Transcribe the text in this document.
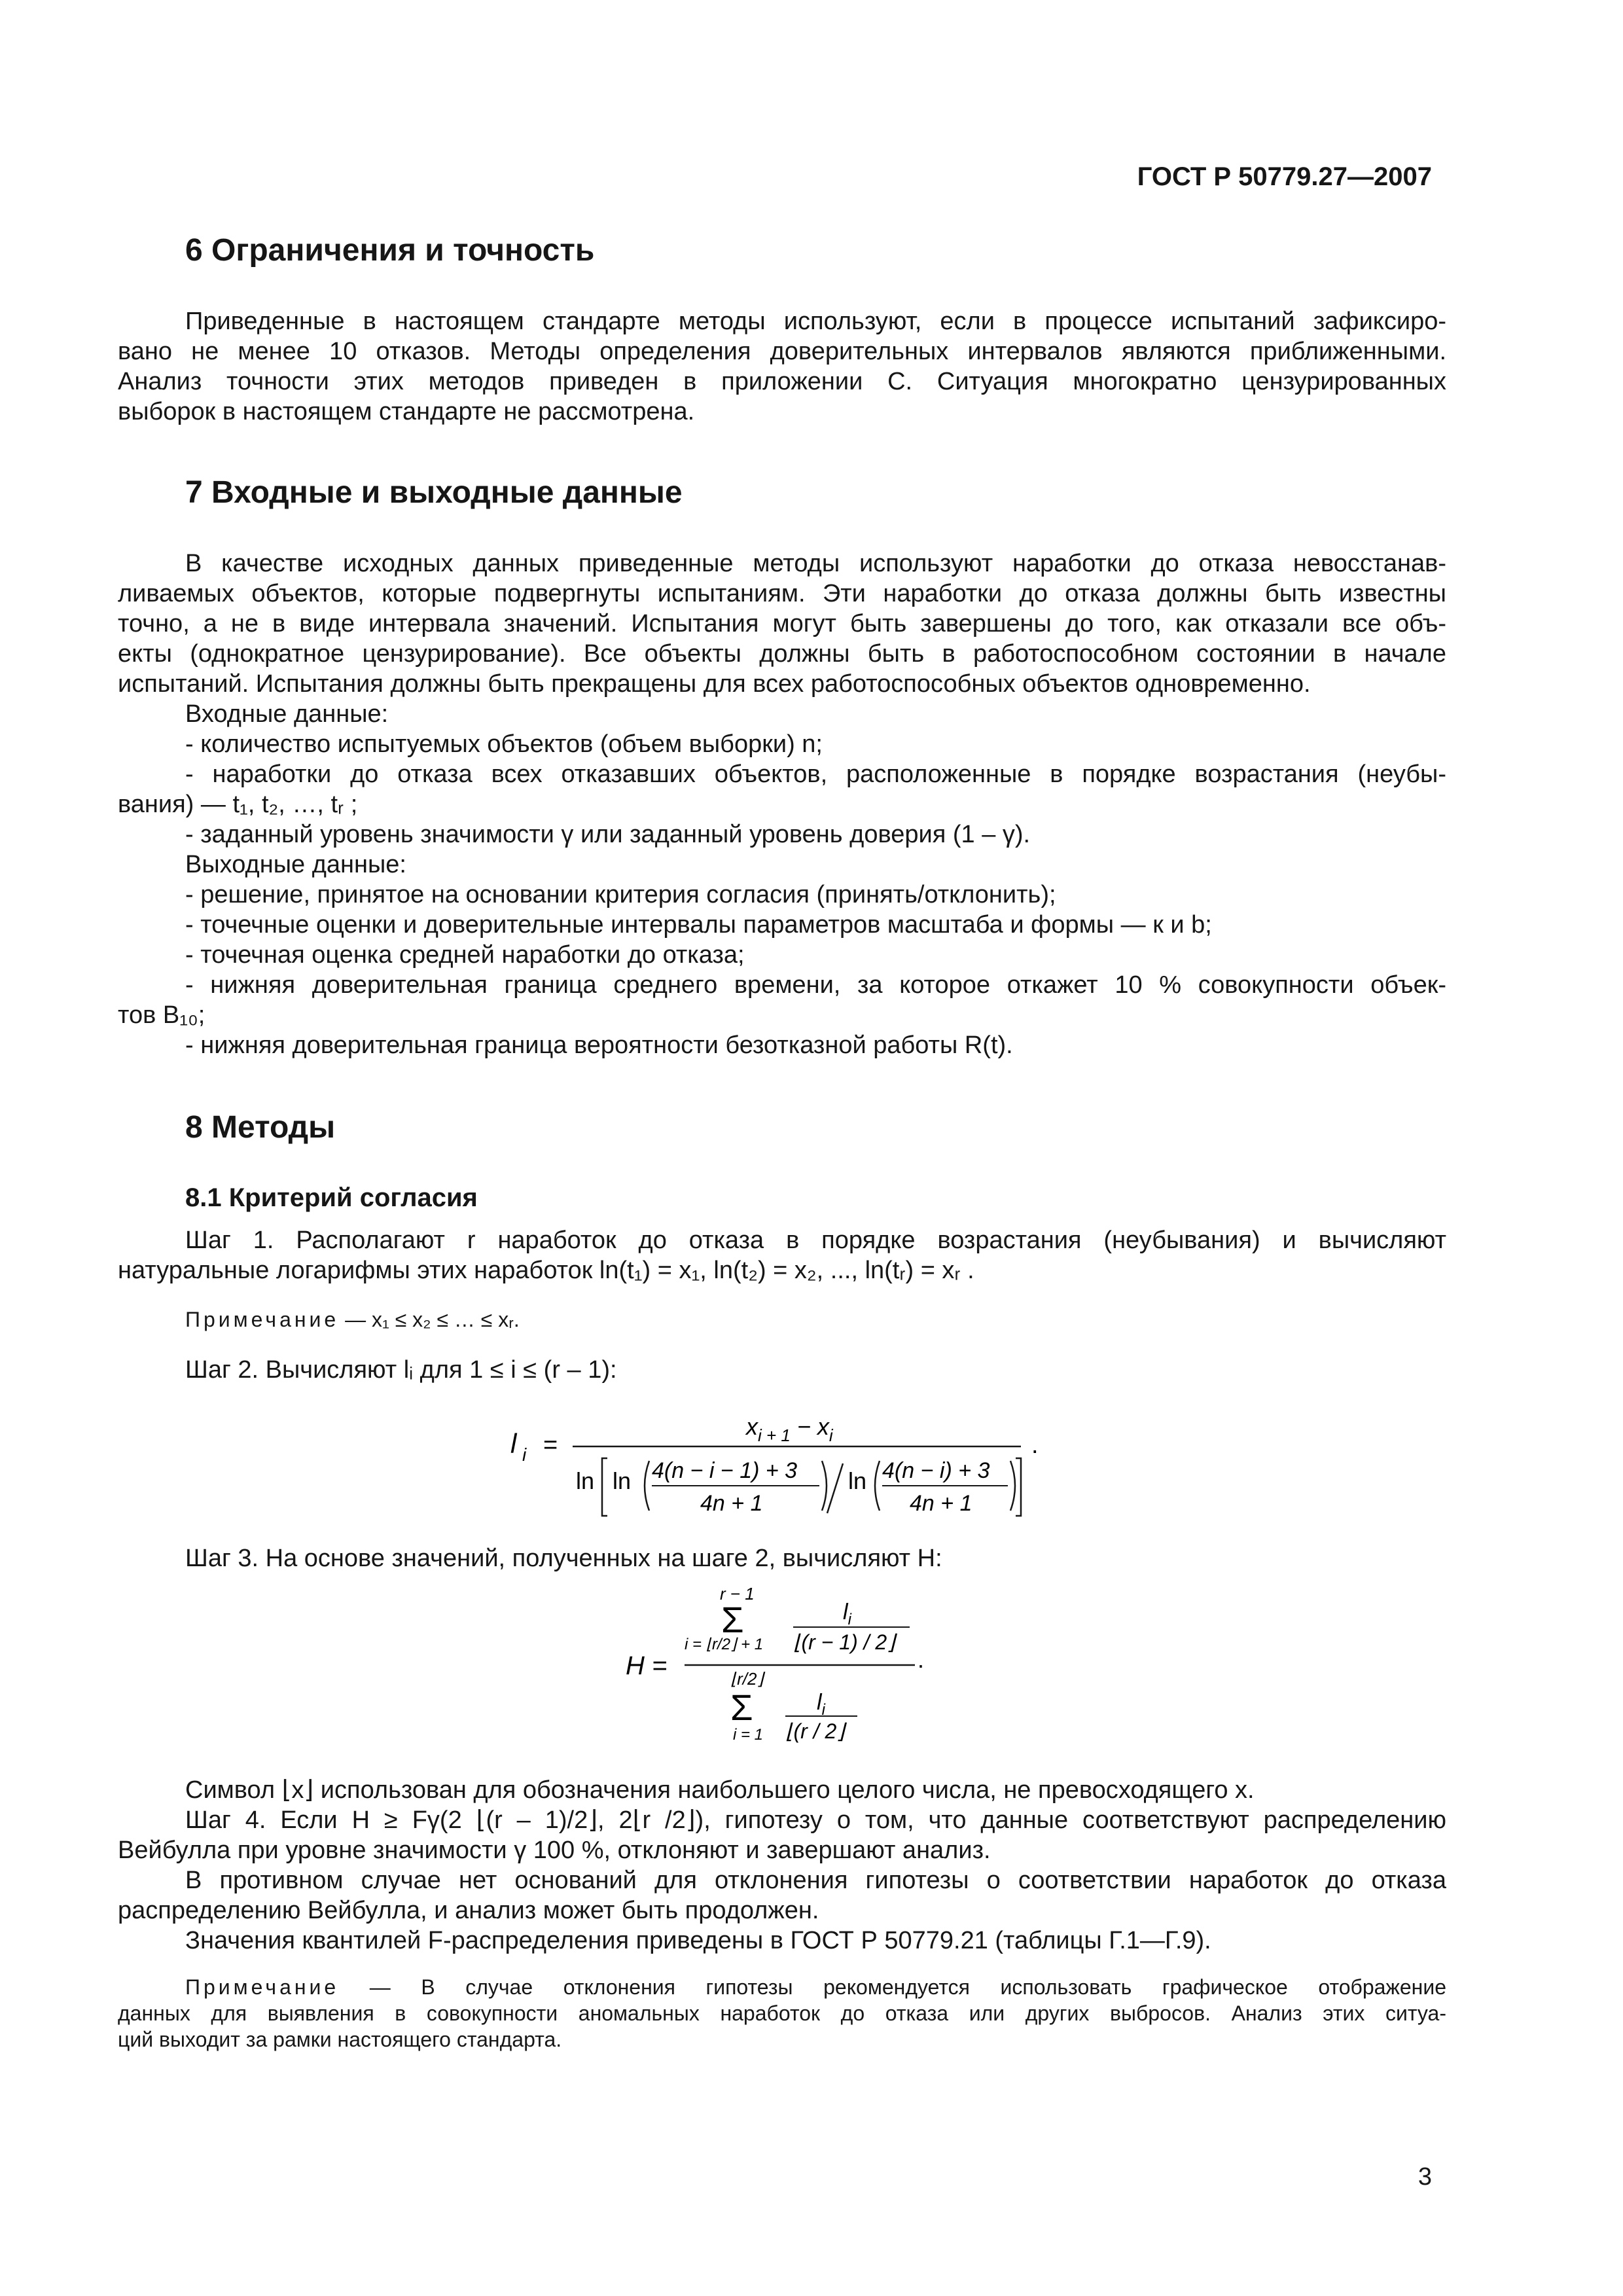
ГОСТ Р 50779.27—2007
6 Ограничения и точность
Приведенные в настоящем стандарте методы используют, если в процессе испытаний зафиксиро-
вано не менее 10 отказов. Методы определения доверительных интервалов являются приближенными.
Анализ точности этих методов приведен в приложении С. Ситуация многократно цензурированных
выборок в настоящем стандарте не рассмотрена.
7 Входные и выходные данные
В качестве исходных данных приведенные методы используют наработки до отказа невосстанав-
ливаемых объектов, которые подвергнуты испытаниям. Эти наработки до отказа должны быть известны
точно, а не в виде интервала значений. Испытания могут быть завершены до того, как отказали все объ-
екты (однократное цензурирование). Все объекты должны быть в работоспособном состоянии в начале
испытаний. Испытания должны быть прекращены для всех работоспособных объектов одновременно.
Входные данные:
- количество испытуемых объектов (объем выборки) n;
- наработки до отказа всех отказавших объектов, расположенные в порядке возрастания (неубы-
вания) — t₁, t₂, …, tᵣ ;
- заданный уровень значимости γ или заданный уровень доверия (1 – γ).
Выходные данные:
- решение, принятое на основании критерия согласия (принять/отклонить);
- точечные оценки и доверительные интервалы параметров масштаба и формы — к и b;
- точечная оценка средней наработки до отказа;
- нижняя доверительная граница среднего времени, за которое откажет 10 % совокупности объек-
тов B₁₀;
- нижняя доверительная граница вероятности безотказной работы R(t).
8 Методы
8.1 Критерий согласия
Шаг 1. Располагают r наработок до отказа в порядке возрастания (неубывания) и вычисляют
натуральные логарифмы этих наработок ln(t₁) = x₁, ln(t₂) = x₂, ..., ln(tᵣ) = xᵣ .
Примечание — x₁ ≤ x₂ ≤ … ≤ xᵣ.
Шаг 2. Вычисляют lᵢ для 1 ≤ i ≤ (r – 1):
l i =
$x_{i + 1} - x_i$
ln ln 4(n − i − 1) + 3
4n + 1
ln 4(n − i) + 3
4n + 1
.
Шаг 3. На основе значений, полученных на шаге 2, вычисляют H:
H =
r − 1
Σ
i = ⌊r/2⌋ + 1
$l_i$
⌊(r − 1) / 2⌋
⌊r/2⌋
Σ
i = 1
$l_i$
⌊(r / 2⌋
.
Символ ⌊x⌋ использован для обозначения наибольшего целого числа, не превосходящего x.
Шаг 4. Если H ≥ Fγ(2 ⌊(r – 1)/2⌋, 2⌊r /2⌋), гипотезу о том, что данные соответствуют распределению
Вейбулла при уровне значимости γ 100 %, отклоняют и завершают анализ.
В противном случае нет оснований для отклонения гипотезы о соответствии наработок до отказа
распределению Вейбулла, и анализ может быть продолжен.
Значения квантилей F-распределения приведены в ГОСТ Р 50779.21 (таблицы Г.1—Г.9).
Примечание — В случае отклонения гипотезы рекомендуется использовать графическое отображение
данных для выявления в совокупности аномальных наработок до отказа или других выбросов. Анализ этих ситуа-
ций выходит за рамки настоящего стандарта.
3
